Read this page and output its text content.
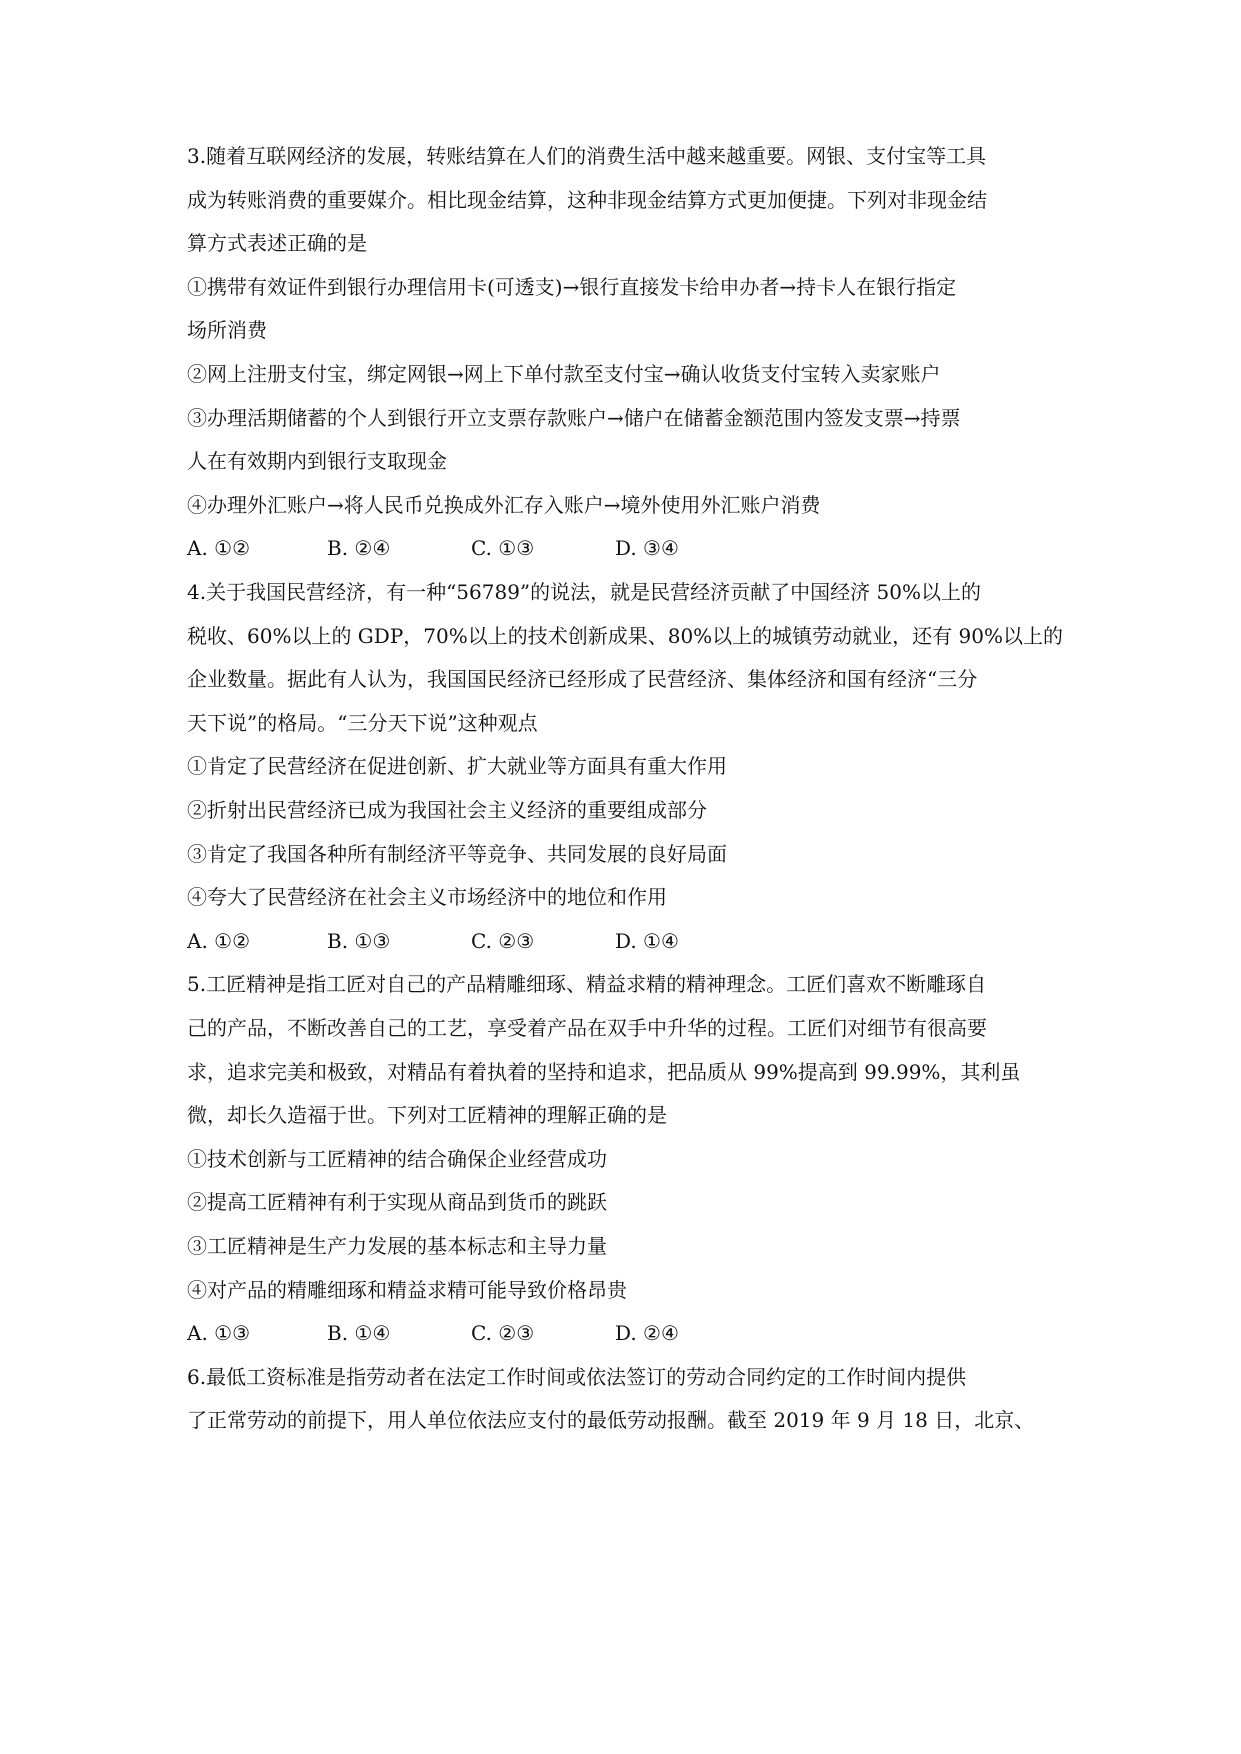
3.随着互联网经济的发展，转账结算在人们的消费生活中越来越重要。网银、支付宝等工具
成为转账消费的重要媒介。相比现金结算，这种非现金结算方式更加便捷。下列对非现金结
算方式表述正确的是
①携带有效证件到银行办理信用卡(可透支)→银行直接发卡给申办者→持卡人在银行指定
场所消费
②网上注册支付宝，绑定网银→网上下单付款至支付宝→确认收货支付宝转入卖家账户
③办理活期储蓄的个人到银行开立支票存款账户→储户在储蓄金额范围内签发支票→持票
人在有效期内到银行支取现金
④办理外汇账户→将人民币兑换成外汇存入账户→境外使用外汇账户消费
A. ①②	B. ②④	C. ①③	D. ③④
4.关于我国民营经济，有一种“56789”的说法，就是民营经济贡献了中国经济 50%以上的
税收、60%以上的 GDP，70%以上的技术创新成果、80%以上的城镇劳动就业，还有 90%以上的
企业数量。据此有人认为，我国国民经济已经形成了民营经济、集体经济和国有经济“三分
天下说”的格局。“三分天下说”这种观点
①肯定了民营经济在促进创新、扩大就业等方面具有重大作用
②折射出民营经济已成为我国社会主义经济的重要组成部分
③肯定了我国各种所有制经济平等竞争、共同发展的良好局面
④夸大了民营经济在社会主义市场经济中的地位和作用
A. ①②	B. ①③	C. ②③	D. ①④
5.工匠精神是指工匠对自己的产品精雕细琢、精益求精的精神理念。工匠们喜欢不断雕琢自
己的产品，不断改善自己的工艺，享受着产品在双手中升华的过程。工匠们对细节有很高要
求，追求完美和极致，对精品有着执着的坚持和追求，把品质从 99%提高到 99.99%，其利虽
微，却长久造福于世。下列对工匠精神的理解正确的是
①技术创新与工匠精神的结合确保企业经营成功
②提高工匠精神有利于实现从商品到货币的跳跃
③工匠精神是生产力发展的基本标志和主导力量
④对产品的精雕细琢和精益求精可能导致价格昂贵
A. ①③	B. ①④	C. ②③	D. ②④
6.最低工资标准是指劳动者在法定工作时间或依法签订的劳动合同约定的工作时间内提供
了正常劳动的前提下，用人单位依法应支付的最低劳动报酬。截至 2019 年 9 月 18 日，北京、
